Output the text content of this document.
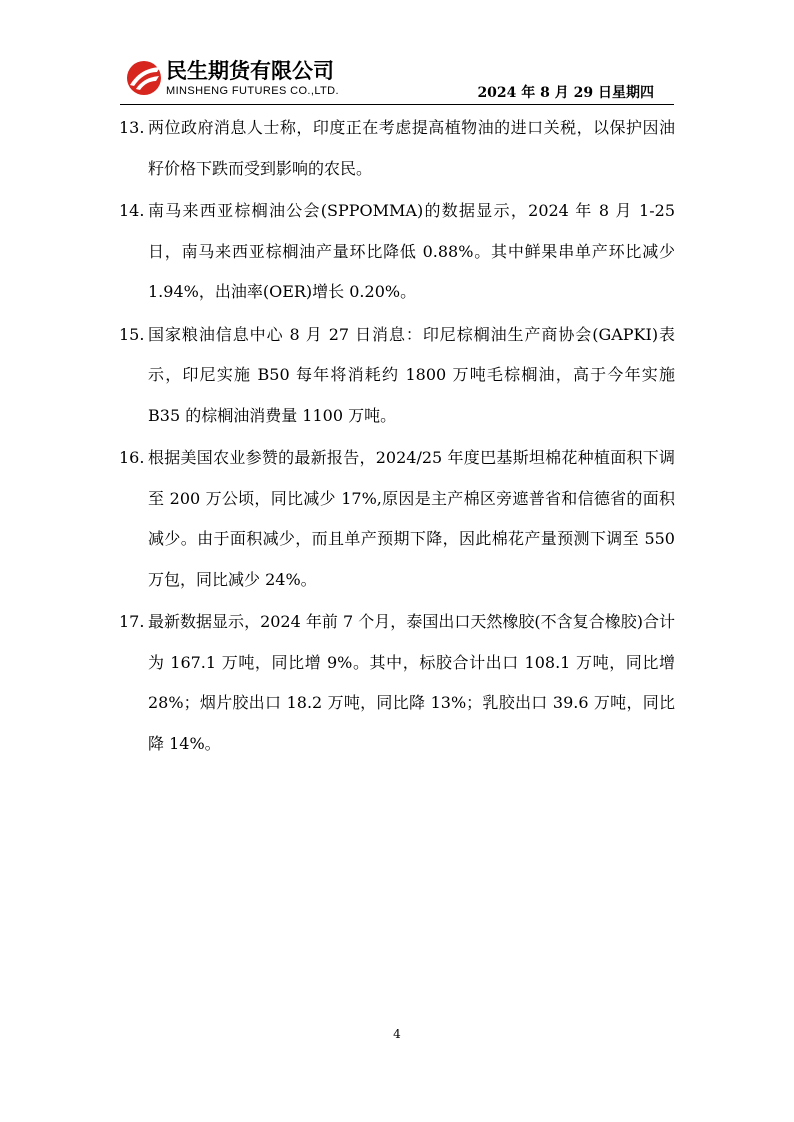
民生期货有限公司
MINSHENG FUTURES CO.,LTD.	2024 年 8 月 29 日星期四
13. 两位政府消息人士称，印度正在考虑提高植物油的进口关税，以保护因油籽价格下跌而受到影响的农民。
14. 南马来西亚棕榈油公会(SPPOMMA)的数据显示，2024 年 8 月 1-25 日，南马来西亚棕榈油产量环比降低 0.88%。其中鲜果串单产环比减少 1.94%，出油率(OER)增长 0.20%。
15. 国家粮油信息中心 8 月 27 日消息：印尼棕榈油生产商协会(GAPKI)表示，印尼实施 B50 每年将消耗约 1800 万吨毛棕榈油，高于今年实施 B35 的棕榈油消费量 1100 万吨。
16. 根据美国农业参赞的最新报告，2024/25 年度巴基斯坦棉花种植面积下调至 200 万公顷，同比减少 17%,原因是主产棉区旁遮普省和信德省的面积减少。由于面积减少，而且单产预期下降，因此棉花产量预测下调至 550 万包，同比减少 24%。
17. 最新数据显示，2024 年前 7 个月，泰国出口天然橡胶(不含复合橡胶)合计为 167.1 万吨，同比增 9%。其中，标胶合计出口 108.1 万吨，同比增 28%；烟片胶出口 18.2 万吨，同比降 13%；乳胶出口 39.6 万吨，同比降 14%。
4
